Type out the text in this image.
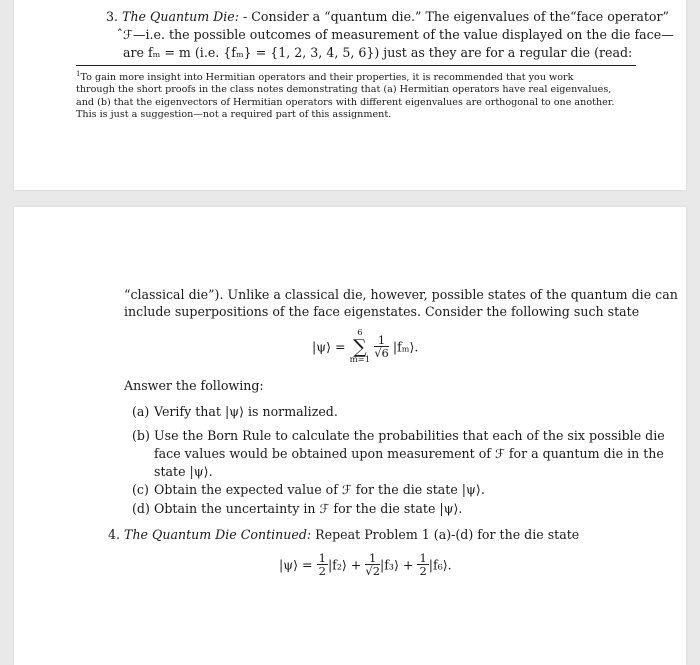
3. The Quantum Die: - Consider a “quantum die.” The eigenvalues of the“face operator”

̂ℱ—i.e. the possible outcomes of measurement of the value displayed on the die face—

are fₘ = m (i.e. {fₘ} = {1, 2, 3, 4, 5, 6}) just as they are for a regular die (read:

$^1$To gain more insight into Hermitian operators and their properties, it is recommended that you work
through the short proofs in the class notes demonstrating that (a) Hermitian operators have real eigenvalues,
and (b) that the eigenvectors of Hermitian operators with different eigenvalues are orthogonal to one another.
This is just a suggestion—not a required part of this assignment.

“classical die”). Unlike a classical die, however, possible states of the quantum die can

include superpositions of the face eigenstates. Consider the following such state

|ψ⟩ =
6
∑
m=1
$\frac{1}{√6}$ |fₘ⟩.

Answer the following:

(a) Verify that |ψ⟩ is normalized.
(b) Use the Born Rule to calculate the probabilities that each of the six possible die
face values would be obtained upon measurement of ℱ for a quantum die in the
state |ψ⟩.
(c) Obtain the expected value of ℱ for the die state |ψ⟩.
(d) Obtain the uncertainty in ℱ for the die state |ψ⟩.

4. The Quantum Die Continued: Repeat Problem 1 (a)-(d) for the die state

|ψ⟩ = $\frac{1}{2}$ |f₂⟩ + $\frac{1}{√2}$ |f₃⟩ + $\frac{1}{2}$ |f₆⟩.
